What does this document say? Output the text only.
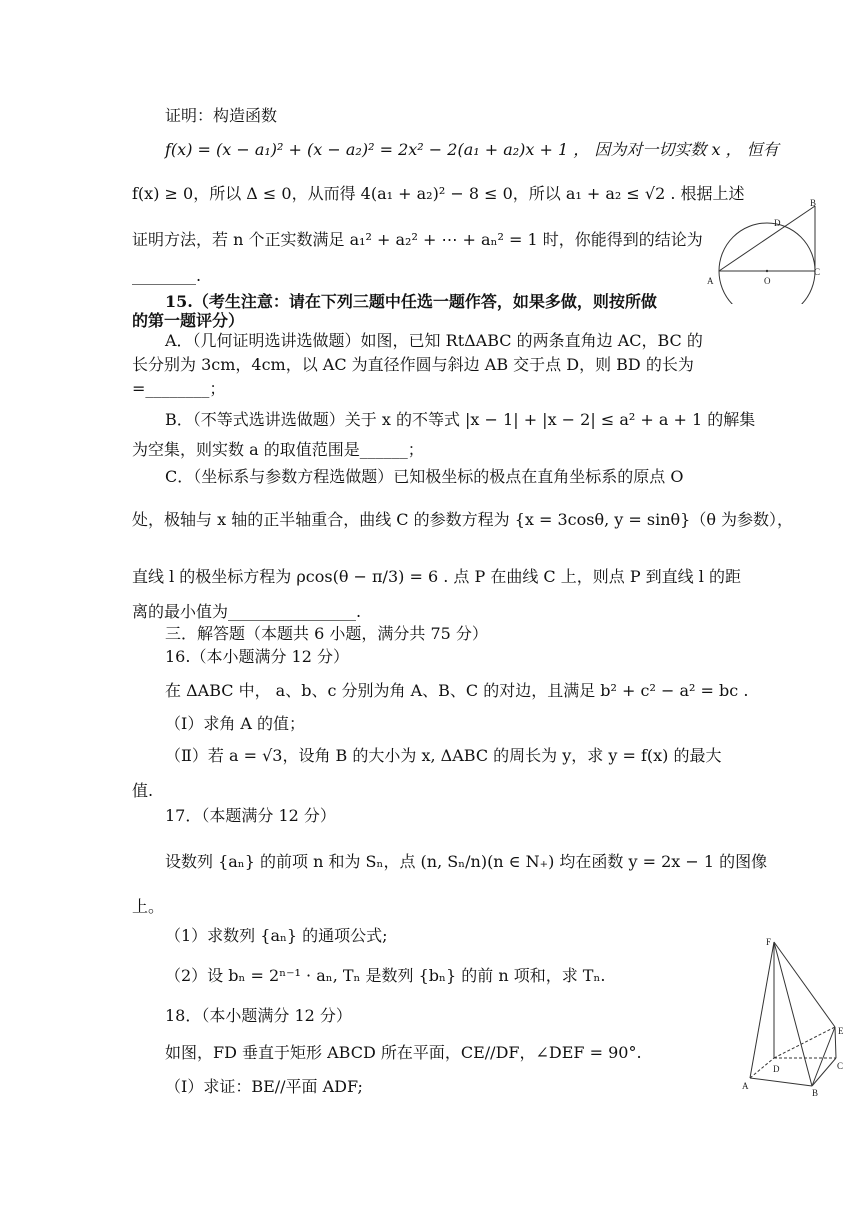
证明：构造函数
f(x) = (x − a₁)² + (x − a₂)² = 2x² − 2(a₁ + a₂)x + 1 ， 因为对一切实数 x ， 恒有
f(x) ≥ 0，所以 Δ ≤ 0，从而得 4(a₁ + a₂)² − 8 ≤ 0，所以 a₁ + a₂ ≤ √2 . 根据上述
证明方法，若 n 个正实数满足 a₁² + a₂² + ⋯ + aₙ² = 1 时，你能得到的结论为
________.
15.（考生注意：请在下列三题中任选一题作答，如果多做，则按所做
的第一题评分）
A．（几何证明选讲选做题）如图，已知 RtΔABC 的两条直角边 AC，BC 的
长分别为 3cm，4cm，以 AC 为直径作圆与斜边 AB 交于点 D，则 BD 的长为
=________；
B．（不等式选讲选做题）关于 x 的不等式 |x − 1| + |x − 2| ≤ a² + a + 1 的解集
为空集，则实数 a 的取值范围是______；
C．（坐标系与参数方程选做题）已知极坐标的极点在直角坐标系的原点 O
处，极轴与 x 轴的正半轴重合，曲线 C 的参数方程为 {x = 3cosθ, y = sinθ}（θ 为参数），
直线 l 的极坐标方程为 ρcos(θ − π/3) = 6 . 点 P 在曲线 C 上，则点 P 到直线 l 的距
离的最小值为________________.
三．解答题（本题共 6 小题，满分共 75 分）
16.（本小题满分 12 分）
在 ΔABC 中， a、b、c 分别为角 A、B、C 的对边，且满足 b² + c² − a² = bc .
（Ⅰ）求角 A 的值；
（Ⅱ）若 a = √3，设角 B 的大小为 x, ΔABC 的周长为 y，求 y = f(x) 的最大
值.
17．（本题满分 12 分）
设数列 {aₙ} 的前项 n 和为 Sₙ，点 (n, Sₙ/n)(n ∈ N₊) 均在函数 y = 2x − 1 的图像
上。
（1）求数列 {aₙ} 的通项公式;
（2）设 bₙ = 2ⁿ⁻¹ · aₙ, Tₙ 是数列 {bₙ} 的前 n 项和，求 Tₙ.
18．（本小题满分 12 分）
如图，FD 垂直于矩形 ABCD 所在平面，CE//DF，∠DEF = 90°.
（Ⅰ）求证：BE//平面 ADF;
A
B
C
D
O
F
E
C
D
A
B
